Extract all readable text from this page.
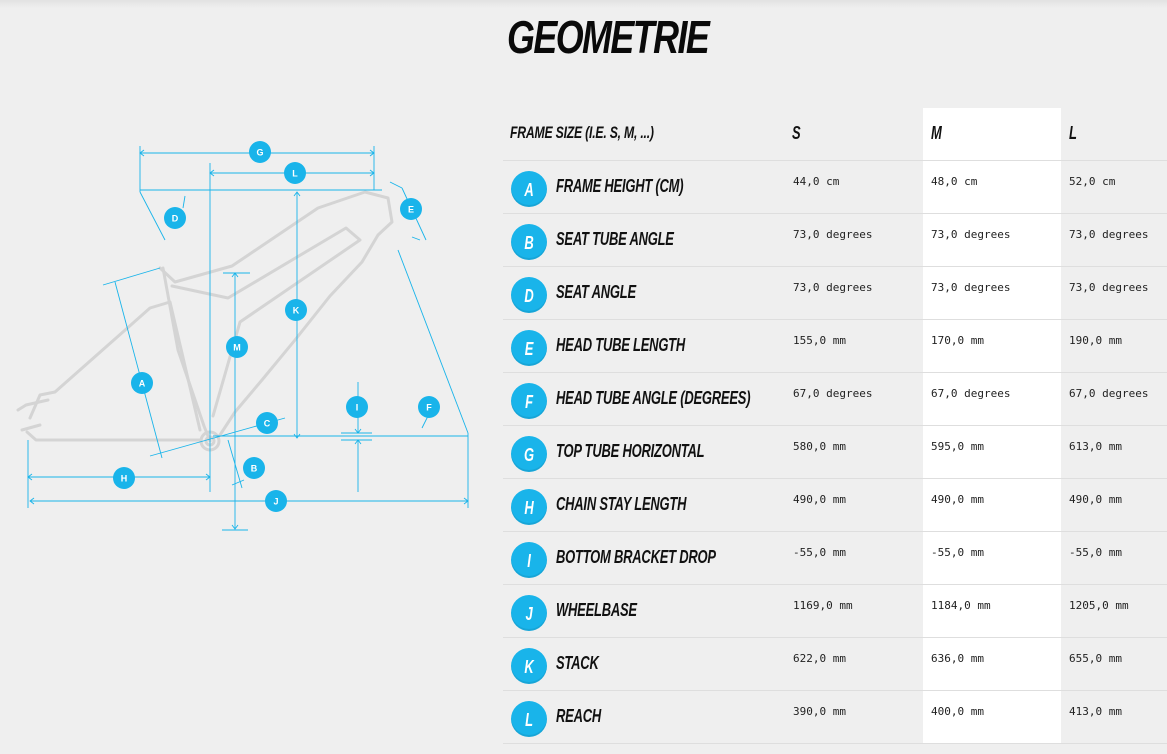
GEOMETRIE
G
L
D
E
K
M
A
I	F
C
B
H
J
FRAME SIZE (I.E. S, M, ...)	S	M	L
A	FRAME HEIGHT (CM)	44,0 cm	48,0 cm	52,0 cm
B	SEAT TUBE ANGLE	73,0 degrees	73,0 degrees	73,0 degrees
D	SEAT ANGLE	73,0 degrees	73,0 degrees	73,0 degrees
E	HEAD TUBE LENGTH	155,0 mm	170,0 mm	190,0 mm
F	HEAD TUBE ANGLE (DEGREES)	67,0 degrees	67,0 degrees	67,0 degrees
G	TOP TUBE HORIZONTAL	580,0 mm	595,0 mm	613,0 mm
H	CHAIN STAY LENGTH	490,0 mm	490,0 mm	490,0 mm
I	BOTTOM BRACKET DROP	-55,0 mm	-55,0 mm	-55,0 mm
J	WHEELBASE	1169,0 mm	1184,0 mm	1205,0 mm
K	STACK	622,0 mm	636,0 mm	655,0 mm
L	REACH	390,0 mm	400,0 mm	413,0 mm
